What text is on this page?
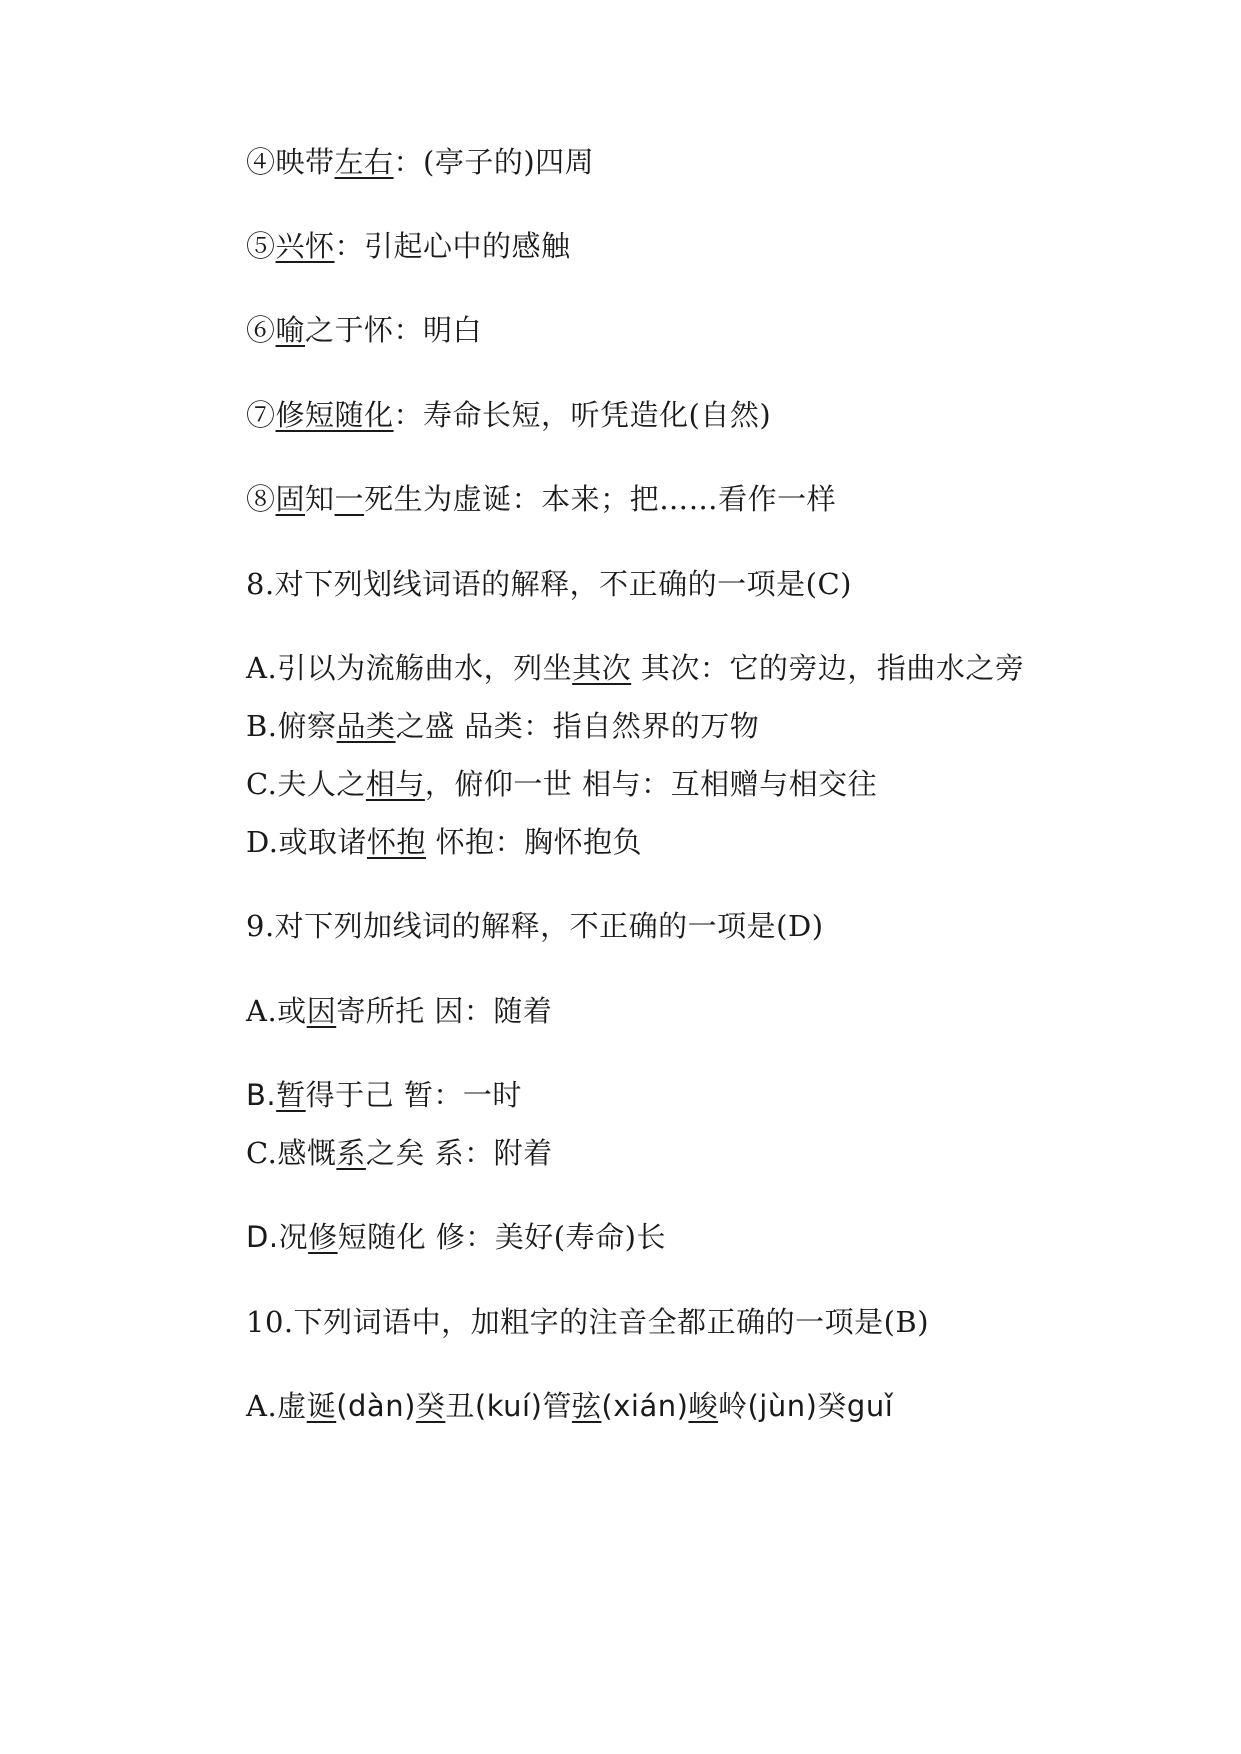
④映带左右：(亭子的)四周
⑤兴怀：引起心中的感触
⑥喻之于怀：明白
⑦修短随化：寿命长短，听凭造化(自然)
⑧固知一死生为虚诞：本来；把……看作一样
8.对下列划线词语的解释，不正确的一项是(C)
A.引以为流觞曲水，列坐其次 其次：它的旁边，指曲水之旁
B.俯察品类之盛 品类：指自然界的万物
C.夫人之相与，俯仰一世 相与：互相赠与相交往
D.或取诸怀抱 怀抱：胸怀抱负
9.对下列加线词的解释，不正确的一项是(D)
A.或因寄所托 因：随着
B.暂得于己 暂：一时
C.感慨系之矣 系：附着
D.况修短随化 修：美好(寿命)长
10.下列词语中，加粗字的注音全都正确的一项是(B)
A.虚诞(dàn)癸丑(kuí)管弦(xián)峻岭(jùn)癸guǐ
